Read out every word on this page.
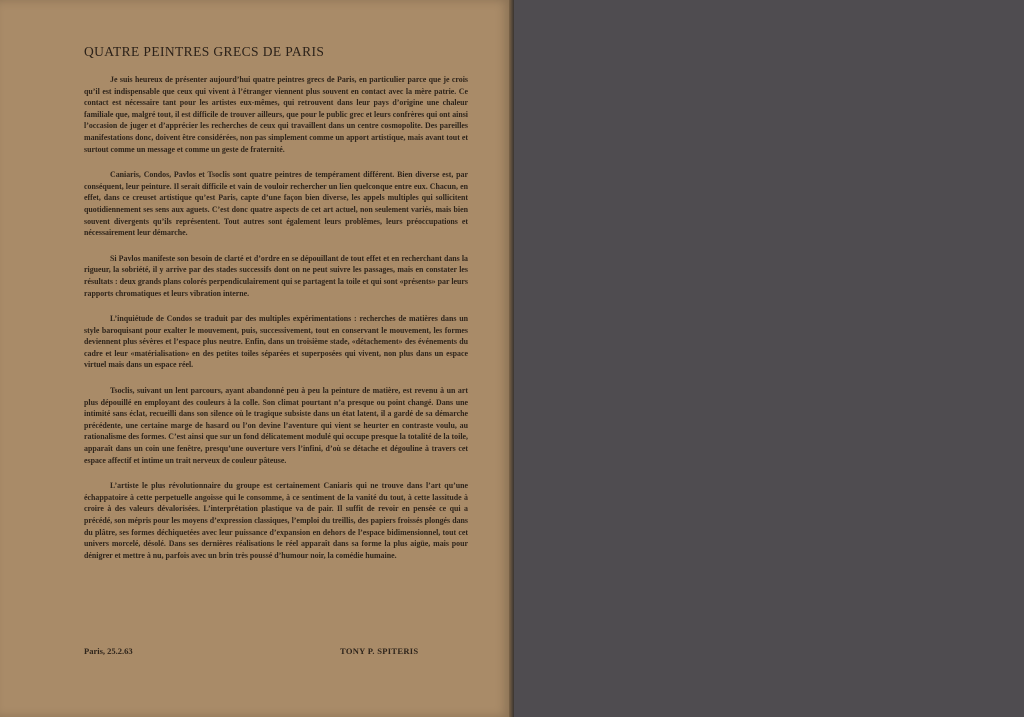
QUATRE PEINTRES GRECS DE PARIS

Je suis heureux de présenter aujourd’hui quatre peintres grecs de Paris, en particulier parce que je crois qu’il est indispensable que ceux qui vivent à l’étranger viennent plus souvent en contact avec la mère patrie. Ce contact est nécessaire tant pour les artistes eux-mêmes, qui retrouvent dans leur pays d’origine une chaleur familiale que, malgré tout, il est difficile de trouver ailleurs, que pour le public grec et leurs confrères qui ont ainsi l’occasion de juger et d’apprécier les recherches de ceux qui travaillent dans un centre cosmopolite. Des pareilles manifestations donc, doivent être considérées, non pas simplement comme un apport artistique, mais avant tout et surtout comme un message et comme un geste de fraternité.

Caniaris, Condos, Pavlos et Tsoclis sont quatre peintres de tempérament différent. Bien diverse est, par conséquent, leur peinture. Il serait difficile et vain de vouloir rechercher un lien quelconque entre eux. Chacun, en effet, dans ce creuset artistique qu’est Paris, capte d’une façon bien diverse, les appels multiples qui sollicitent quotidiennement ses sens aux aguets. C’est donc quatre aspects de cet art actuel, non seulement variés, mais bien souvent divergents qu’ils représentent. Tout autres sont également leurs problèmes, leurs préoccupations et nécessairement leur démarche.

Si Pavlos manifeste son besoin de clarté et d’ordre en se dépouillant de tout effet et en recherchant dans la rigueur, la sobriété, il y arrive par des stades successifs dont on ne peut suivre les passages, mais en constater les résultats : deux grands plans colorés perpendiculairement qui se partagent la toile et qui sont «présents» par leurs rapports chromatiques et leurs vibration interne.

L’inquiétude de Condos se traduit par des multiples expérimentations : recherches de matières dans un style baroquisant pour exalter le mouvement, puis, successivement, tout en conservant le mouvement, les formes deviennent plus sévères et l’espace plus neutre. Enfin, dans un troisième stade, «détachement» des événements du cadre et leur «matérialisation» en des petites toiles séparées et superposées qui vivent, non plus dans un espace virtuel mais dans un espace réel.

Tsoclis, suivant un lent parcours, ayant abandonné peu à peu la peinture de matière, est revenu à un art plus dépouillé en employant des couleurs à la colle. Son climat pourtant n’a presque ou point changé. Dans une intimité sans éclat, recueilli dans son silence où le tragique subsiste dans un état latent, il a gardé de sa démarche précédente, une certaine marge de hasard ou l’on devine l’aventure qui vient se heurter en contraste voulu, au rationalisme des formes. C’est ainsi que sur un fond délicatement modulé qui occupe presque la totalité de la toile, apparaît dans un coin une fenêtre, presqu’une ouverture vers l’infini, d’où se détache et dégouline à travers cet espace affectif et intime un trait nerveux de couleur pâteuse.

L’artiste le plus révolutionnaire du groupe est certainement Caniaris qui ne trouve dans l’art qu’une échappatoire à cette perpetuelle angoisse qui le consomme, à ce sentiment de la vanité du tout, à cette lassitude à croire à des valeurs dévalorisées. L’interprétation plastique va de pair. Il suffit de revoir en pensée ce qui a précédé, son mépris pour les moyens d’expression classiques, l’emploi du treillis, des papiers froissés plongés dans du plâtre, ses formes déchiquetées avec leur puissance d’expansion en dehors de l’espace bidimensionnel, tout cet univers morcelé, désolé. Dans ses dernières réalisations le réel apparaît dans sa forme la plus aigüe, mais pour dénigrer et mettre à nu, parfois avec un brin très poussé d’humour noir, la comédie humaine.

Paris, 25.2.63	TONY P. SPITERIS
